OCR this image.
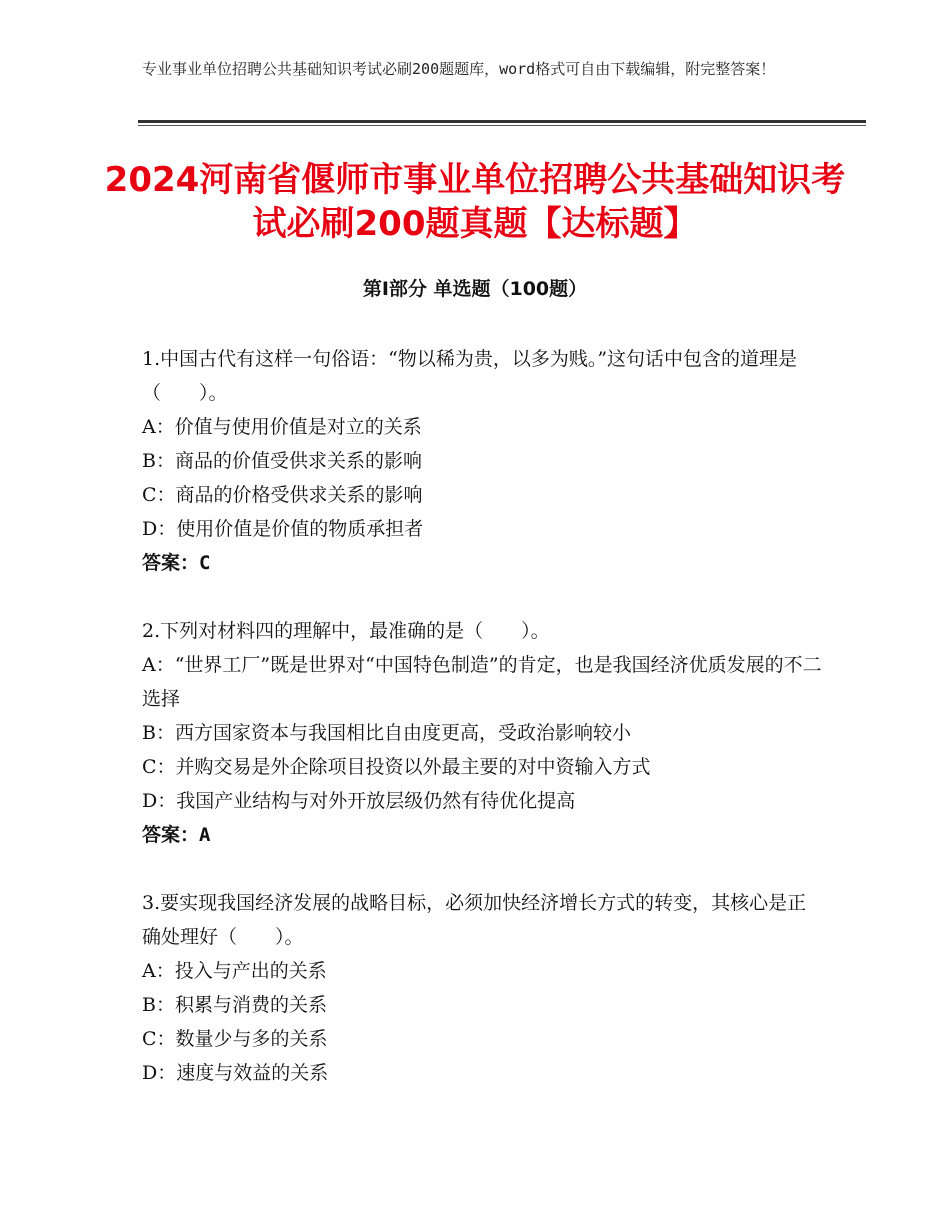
专业事业单位招聘公共基础知识考试必刷200题题库，word格式可自由下载编辑，附完整答案！
2024河南省偃师市事业单位招聘公共基础知识考试必刷200题真题【达标题】
第Ⅰ部分 单选题（100题）
1.中国古代有这样一句俗语：“物以稀为贵，以多为贱。”这句话中包含的道理是（　　）。
A：价值与使用价值是对立的关系
B：商品的价值受供求关系的影响
C：商品的价格受供求关系的影响
D：使用价值是价值的物质承担者
答案：C
2.下列对材料四的理解中，最准确的是（　　）。
A：“世界工厂”既是世界对“中国特色制造”的肯定，也是我国经济优质发展的不二选择
B：西方国家资本与我国相比自由度更高，受政治影响较小
C：并购交易是外企除项目投资以外最主要的对中资输入方式
D：我国产业结构与对外开放层级仍然有待优化提高
答案：A
3.要实现我国经济发展的战略目标，必须加快经济增长方式的转变，其核心是正确处理好（　　）。
A：投入与产出的关系
B：积累与消费的关系
C：数量少与多的关系
D：速度与效益的关系
